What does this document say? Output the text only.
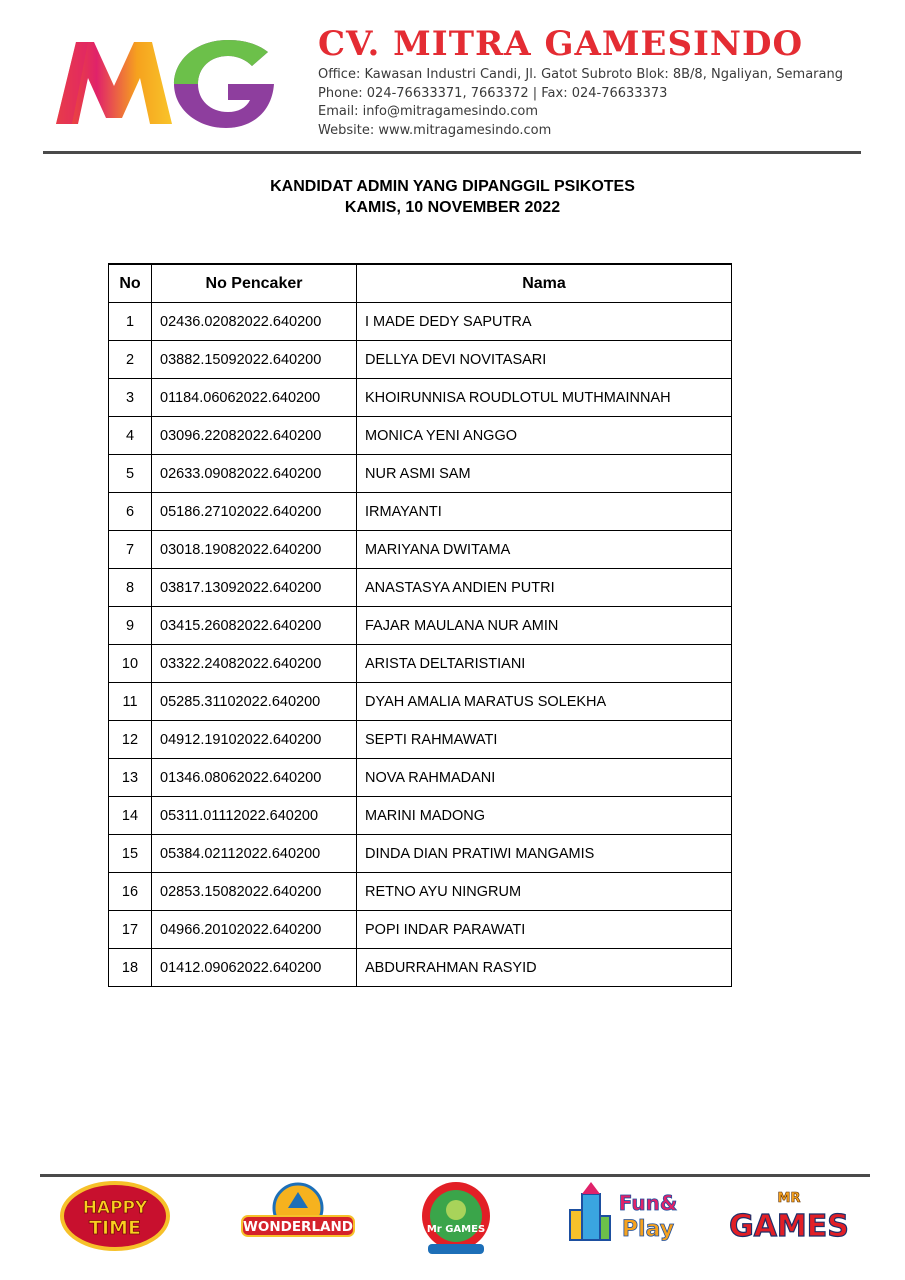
CV. MITRA GAMESINDO
Office: Kawasan Industri Candi, Jl. Gatot Subroto Blok: 8B/8, Ngaliyan, Semarang
Phone: 024-76633371, 7663372 | Fax: 024-76633373
Email: info@mitragamesindo.com
Website: www.mitragamesindo.com
KANDIDAT ADMIN YANG DIPANGGIL PSIKOTES
KAMIS, 10 NOVEMBER 2022
No	No Pencaker	Nama
1	02436.02082022.640200	I MADE DEDY SAPUTRA
2	03882.15092022.640200	DELLYA DEVI NOVITASARI
3	01184.06062022.640200	KHOIRUNNISA ROUDLOTUL MUTHMAINNAH
4	03096.22082022.640200	MONICA YENI ANGGO
5	02633.09082022.640200	NUR ASMI SAM
6	05186.27102022.640200	IRMAYANTI
7	03018.19082022.640200	MARIYANA DWITAMA
8	03817.13092022.640200	ANASTASYA ANDIEN PUTRI
9	03415.26082022.640200	FAJAR MAULANA NUR AMIN
10	03322.24082022.640200	ARISTA DELTARISTIANI
11	05285.31102022.640200	DYAH AMALIA MARATUS SOLEKHA
12	04912.19102022.640200	SEPTI RAHMAWATI
13	01346.08062022.640200	NOVA RAHMADANI
14	05311.01112022.640200	MARINI MADONG
15	05384.02112022.640200	DINDA DIAN PRATIWI MANGAMIS
16	02853.15082022.640200	RETNO AYU NINGRUM
17	04966.20102022.640200	POPI INDAR PARAWATI
18	01412.09062022.640200	ABDURRAHMAN RASYID
HAPPY
TIME	WONDERLAND	Mr GAMES
Fun&
Play
MR
GAMES
